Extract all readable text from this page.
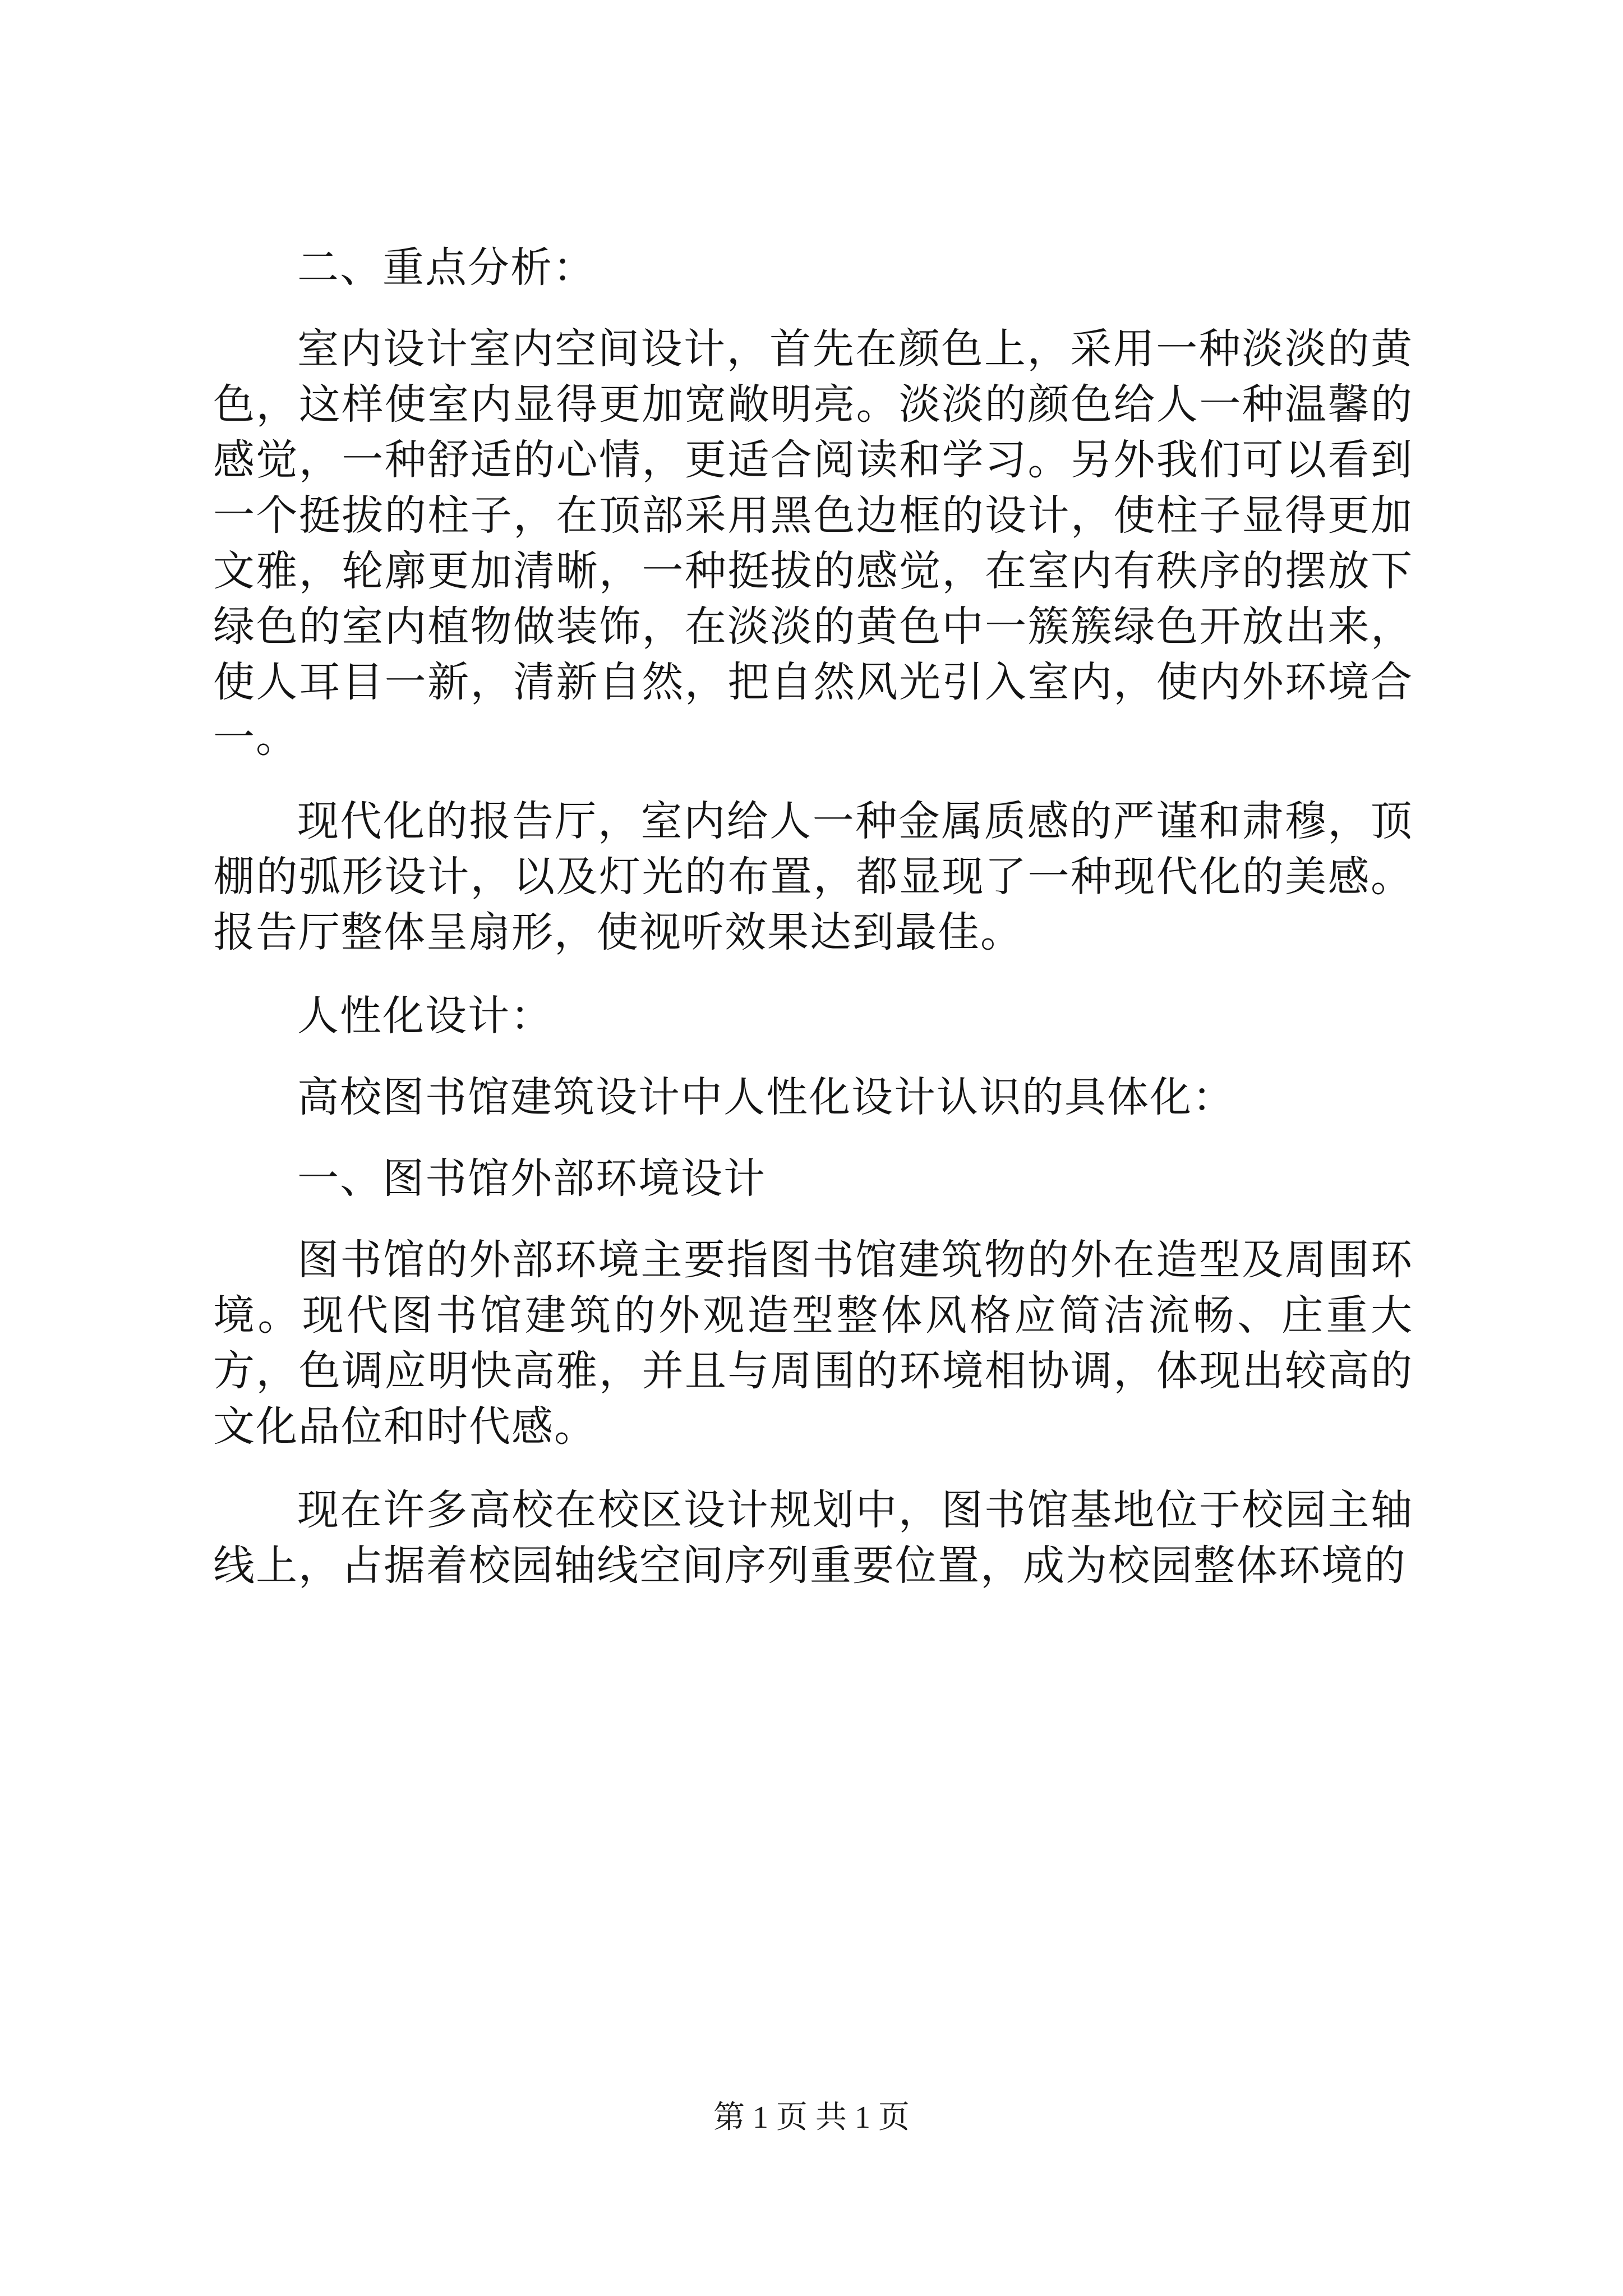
二、重点分析：

室内设计室内空间设计，首先在颜色上，采用一种淡淡的黄色，这样使室内显得更加宽敞明亮。淡淡的颜色给人一种温馨的感觉，一种舒适的心情，更适合阅读和学习。另外我们可以看到一个挺拔的柱子，在顶部采用黑色边框的设计，使柱子显得更加文雅，轮廓更加清晰，一种挺拔的感觉，在室内有秩序的摆放下绿色的室内植物做装饰，在淡淡的黄色中一簇簇绿色开放出来，使人耳目一新，清新自然，把自然风光引入室内，使内外环境合一。

现代化的报告厅，室内给人一种金属质感的严谨和肃穆，顶棚的弧形设计，以及灯光的布置，都显现了一种现代化的美感。报告厅整体呈扇形，使视听效果达到最佳。

人性化设计：

高校图书馆建筑设计中人性化设计认识的具体化：

一、图书馆外部环境设计

图书馆的外部环境主要指图书馆建筑物的外在造型及周围环境。现代图书馆建筑的外观造型整体风格应简洁流畅、庄重大方，色调应明快高雅，并且与周围的环境相协调，体现出较高的文化品位和时代感。

现在许多高校在校区设计规划中，图书馆基地位于校园主轴线上，占据着校园轴线空间序列重要位置，成为校园整体环境的

第 1 页 共 1 页
